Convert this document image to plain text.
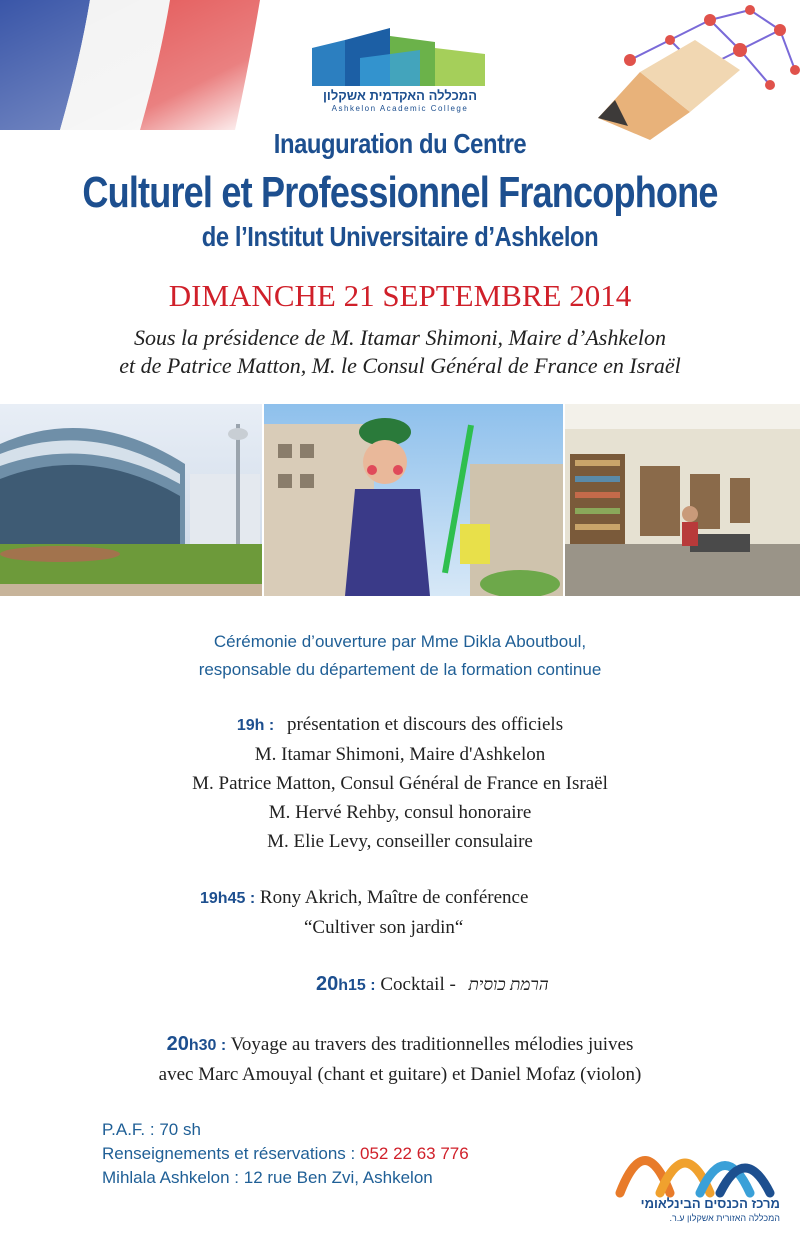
המכללה האקדמית אשקלון
Ashkelon Academic College
Inauguration du Centre
Culturel et Professionnel Francophone
de l’Institut Universitaire d’Ashkelon
DIMANCHE 21 SEPTEMBRE 2014
Sous la présidence de M. Itamar Shimoni, Maire d’Ashkelon
et de Patrice Matton, M. le Consul Général de France en Israël
Cérémonie d’ouverture par Mme Dikla Aboutboul,
responsable du département de la formation continue
19h : présentation et discours des officiels
M. Itamar Shimoni, Maire d'Ashkelon
M. Patrice Matton, Consul Général de France en Israël
M. Hervé Rehby, consul honoraire
M. Elie Levy, conseiller consulaire
19h45 : Rony Akrich, Maître de conférence
“Cultiver son jardin“
20h15 : Cocktail - הרמת כוסית
20h30 : Voyage au travers des traditionnelles mélodies juives
avec Marc Amouyal (chant et guitare) et Daniel Mofaz (violon)
P.A.F. : 70 sh
Renseignements et réservations : 052 22 63 776
Mihlala Ashkelon : 12 rue Ben Zvi, Ashkelon
מרכז הכנסים הבינלאומי
המכללה האזורית אשקלון ע.ר.
